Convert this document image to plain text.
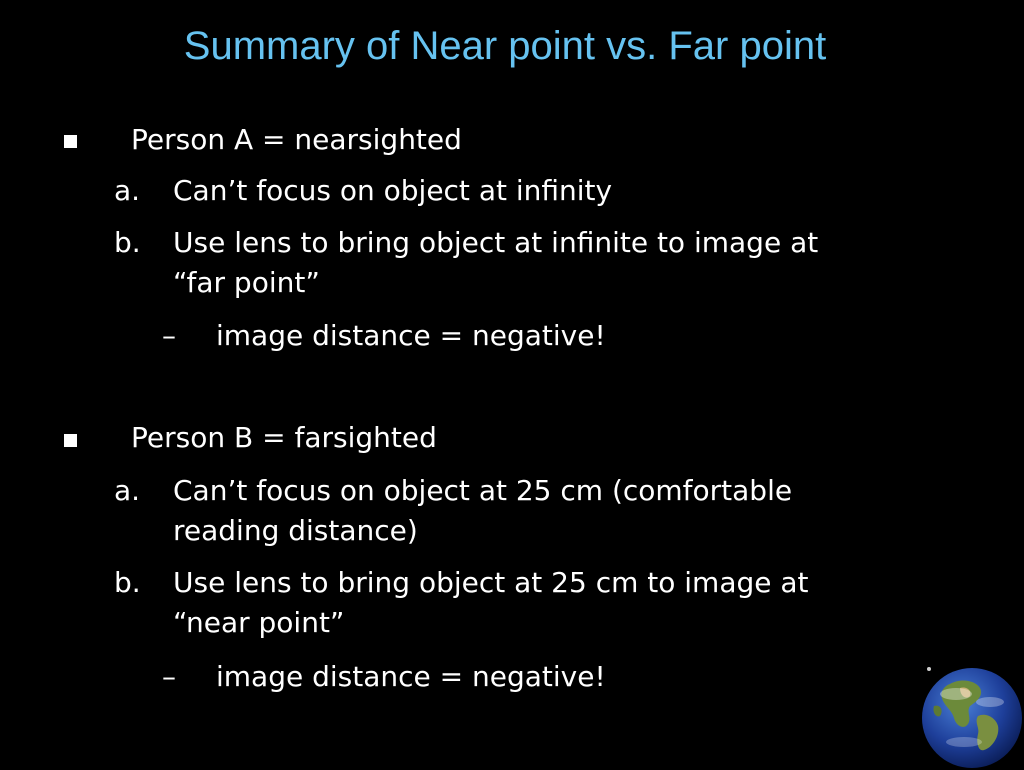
Summary of Near point vs. Far point
Person A = nearsighted
a. Can’t focus on object at infinity
b. Use lens to bring object at infinite to image at
“far point”
– image distance = negative!
Person B = farsighted
a. Can’t focus on object at 25 cm (comfortable
reading distance)
b. Use lens to bring object at 25 cm to image at
“near point”
– image distance = negative!
